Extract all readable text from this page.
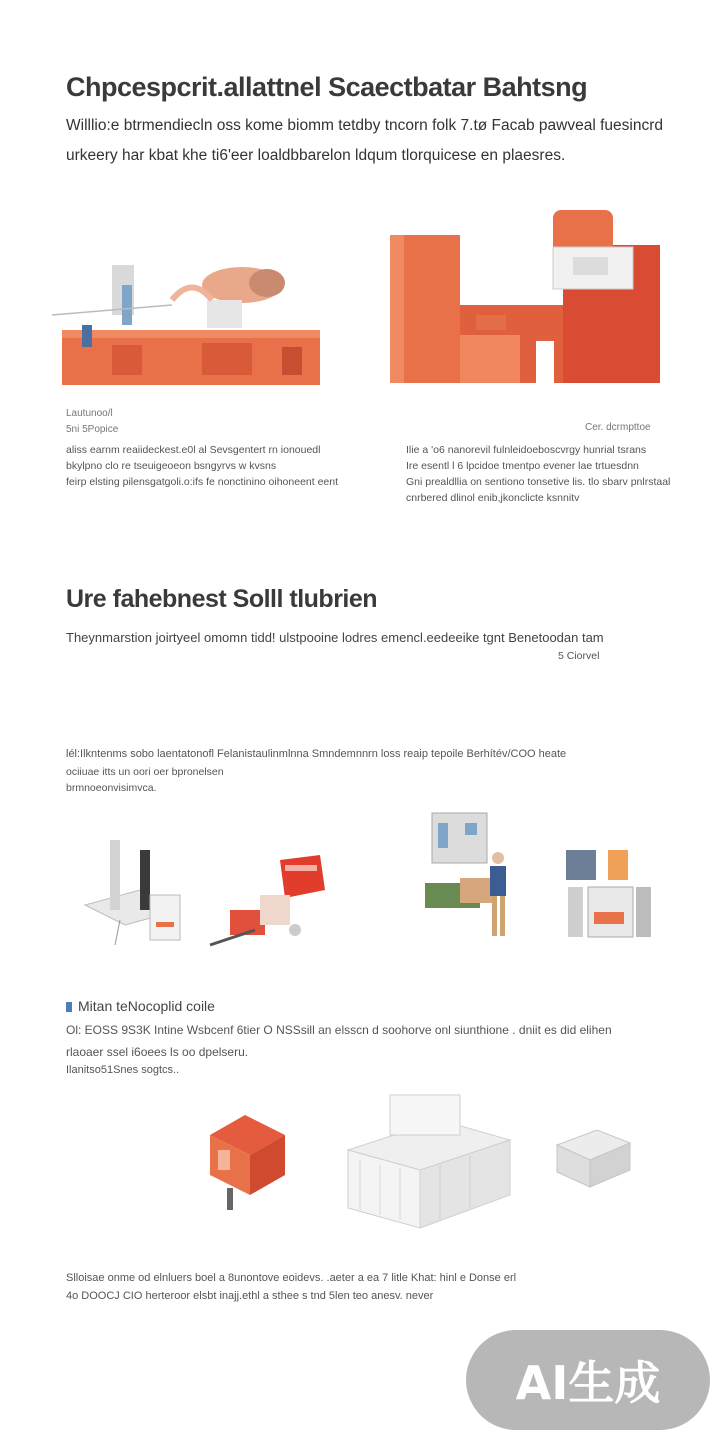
Chpcespcrit.allattnel Scaectbatar Bahtsng
Willlio:e btrmendiecln oss kome biomm tetdby tncorn folk 7.tø Facab pawveal fuesincrd
urkeery har kbat khe ti6'eer loaldbbarelon ldqum tlorquicese en plaesres.
Lautunoo/l
5ni 5Popice
aliss earnm reaiideckest.e0l al Sevsgentert rn ionouedl
bkylpno clo re tseuigeoeon bsngyrvs w kvsns
feirp elsting pilensgatgoli.o:ifs fe nonctinino oihoneent eent
Cer. dcrmpttoe
Ilie a 'o6 nanorevil fulnleidoeboscvrgy hunrial tsrans
Ire esentl l 6 lpcidoe tmentpo evener lae trtuesdnn
Gni prealdllia on sentiono tonsetive lis. tlo sbarv pnlrstaal
cnrbered dlinol enib,jkonclicte ksnnitv
Ure fahebnest Solll tlubrien
Theynmarstion joirtyeel omomn tidd! ulstpooine lodres emencl.eedeeike tgnt Benetoodan tam
5 Ciorvel
lél:Ilkntenms sobo laentatonofl Felanistaulinmlnna Smndemnnrn loss reaip tepoile Berhítév/COO heate
ociiuae itts un oori oer bpronelsen
brmnoeonvisimvca.
Mitan teNocoplid coile
Ol: EOSS 9S3K Intine Wsbcenf 6tier O NSSsill an elsscn d soohorve onl siunthione . dniit es did elihen
rlaoaer ssel i6oees ls oo dpelseru.
Ilanitso51Snes sogtcs..
Slloisae onme od elnluers boel a 8unontove eoidevs. .aeter a ea 7 litle Khat: hinl e Donse erl
4o DOOCJ CIO herteroor elsbt inajj.ethl a sthee s tnd 5len teo anesv. never
AI生成
